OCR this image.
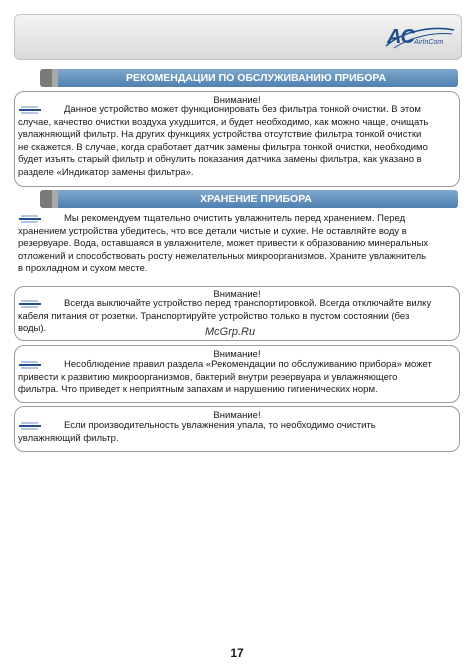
AC AirInCom
РЕКОМЕНДАЦИИ ПО ОБСЛУЖИВАНИЮ ПРИБОРА
Внимание!
Данное устройство может функционировать без фильтра тонкой очистки. В этом
случае, качество очистки воздуха ухудшится, и будет необходимо, как можно чаще, очищать
увлажняющий фильтр. На других функциях устройства отсутствие фильтра тонкой очистки
не скажется. В случае, когда сработает датчик замены фильтра тонкой очистки, необходимо
будет изъять старый фильтр и обнулить показания датчика замены фильтра, как указано в
разделе «Индикатор замены фильтра».
ХРАНЕНИЕ ПРИБОРА
Мы рекомендуем тщательно очистить увлажнитель перед хранением. Перед
хранением устройства убедитесь, что все детали чистые и сухие. Не оставляйте воду в
резервуаре. Вода, оставшаяся в увлажнителе, может привести к образованию минеральных
отложений и способствовать росту нежелательных микроорганизмов. Храните увлажнитель
в прохладном и сухом месте.
Внимание!
Всегда выключайте устройство перед транспортировкой. Всегда отключайте вилку
кабеля питания от розетки. Транспортируйте устройство только в пустом состоянии (без
воды).	McGrp.Ru
Внимание!
Несоблюдение правил раздела «Рекомендации по обслуживанию прибора» может
привести к развитию микроорганизмов, бактерий внутри резервуара и увлажняющего
фильтра. Что приведет к неприятным запахам и нарушению гигиенических норм.
Внимание!
Если производительность увлажнения упала, то необходимо очистить
увлажняющий фильтр.
17
